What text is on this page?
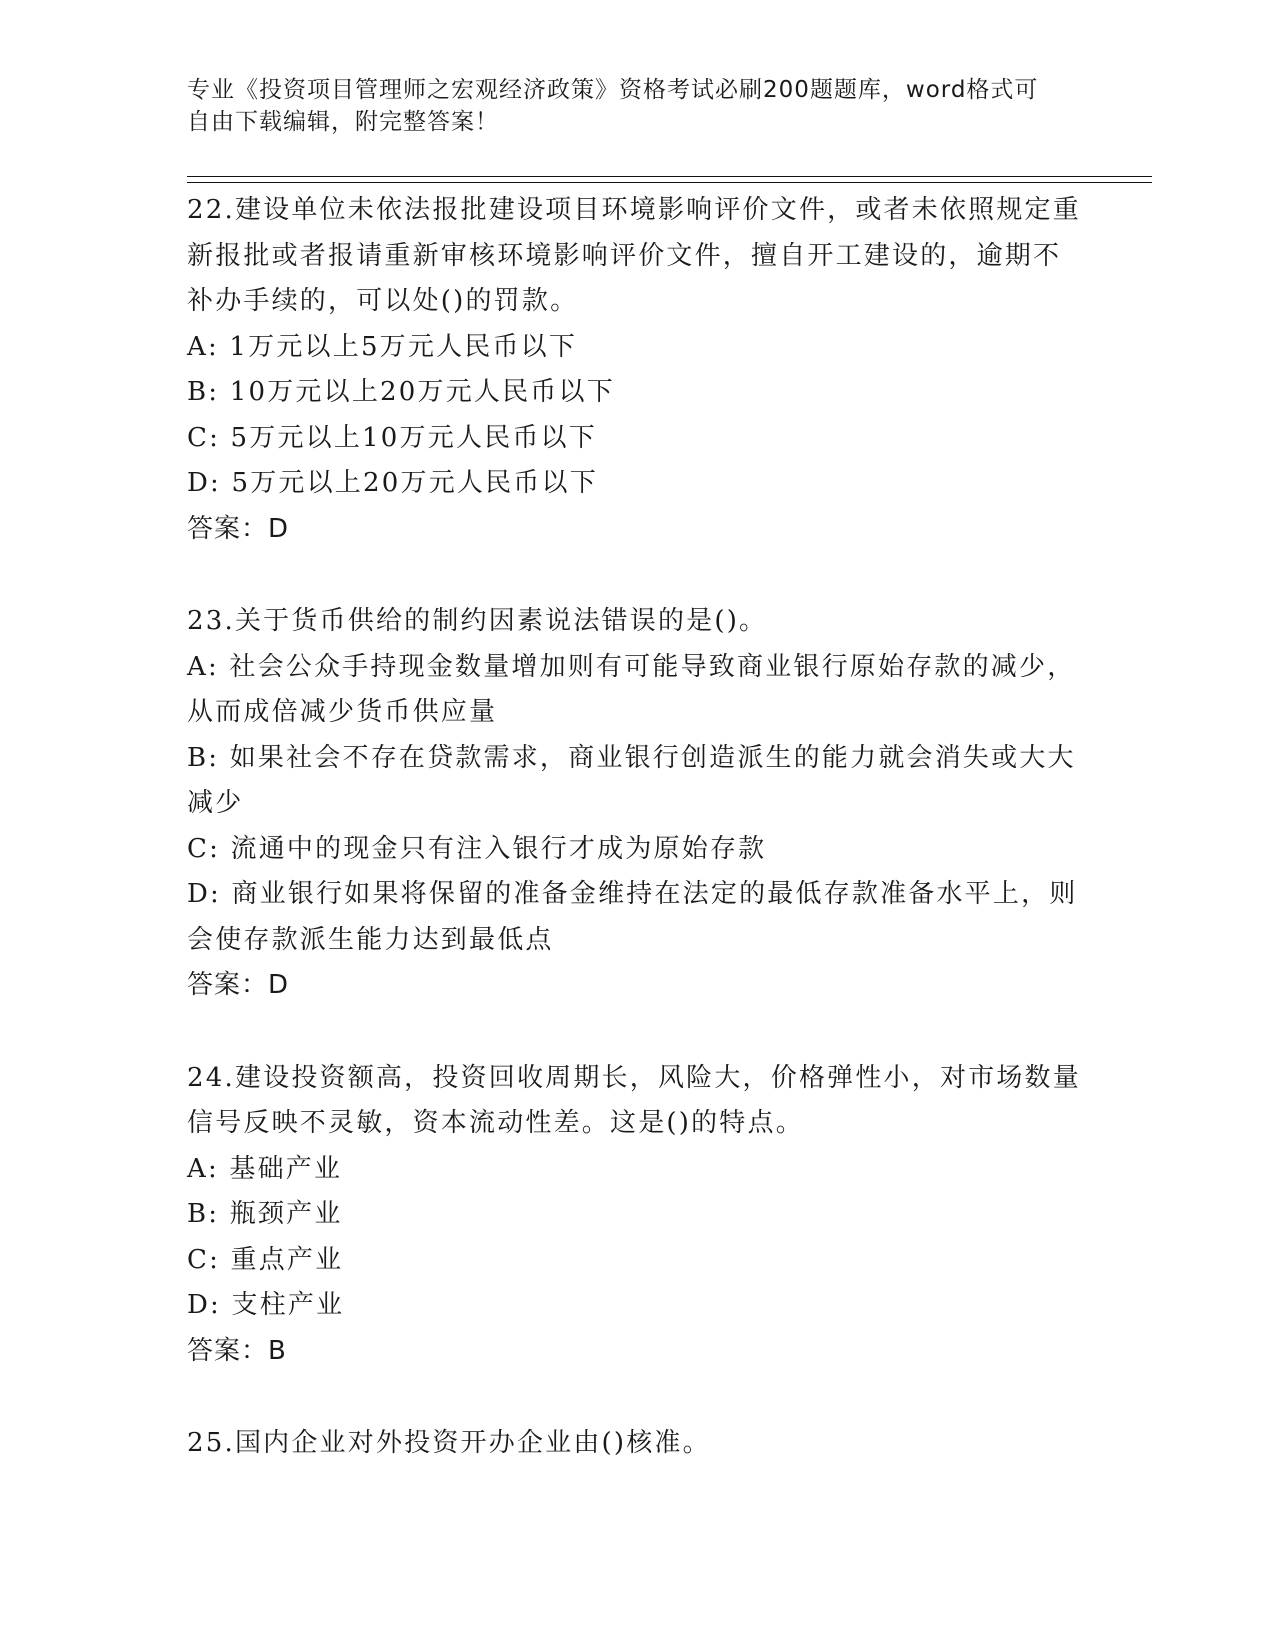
专业《投资项目管理师之宏观经济政策》资格考试必刷200题题库，word格式可
自由下载编辑，附完整答案！

22.建设单位未依法报批建设项目环境影响评价文件，或者未依照规定重新报批或者报请重新审核环境影响评价文件，擅自开工建设的，逾期不补办手续的，可以处()的罚款。

A: 1万元以上5万元人民币以下

B: 10万元以上20万元人民币以下

C: 5万元以上10万元人民币以下

D: 5万元以上20万元人民币以下

答案：D

23.关于货币供给的制约因素说法错误的是()。

A: 社会公众手持现金数量增加则有可能导致商业银行原始存款的减少，从而成倍减少货币供应量

B: 如果社会不存在贷款需求，商业银行创造派生的能力就会消失或大大减少

C: 流通中的现金只有注入银行才成为原始存款

D: 商业银行如果将保留的准备金维持在法定的最低存款准备水平上，则会使存款派生能力达到最低点

答案：D

24.建设投资额高，投资回收周期长，风险大，价格弹性小，对市场数量信号反映不灵敏，资本流动性差。这是()的特点。

A: 基础产业

B: 瓶颈产业

C: 重点产业

D: 支柱产业

答案：B

25.国内企业对外投资开办企业由()核准。
